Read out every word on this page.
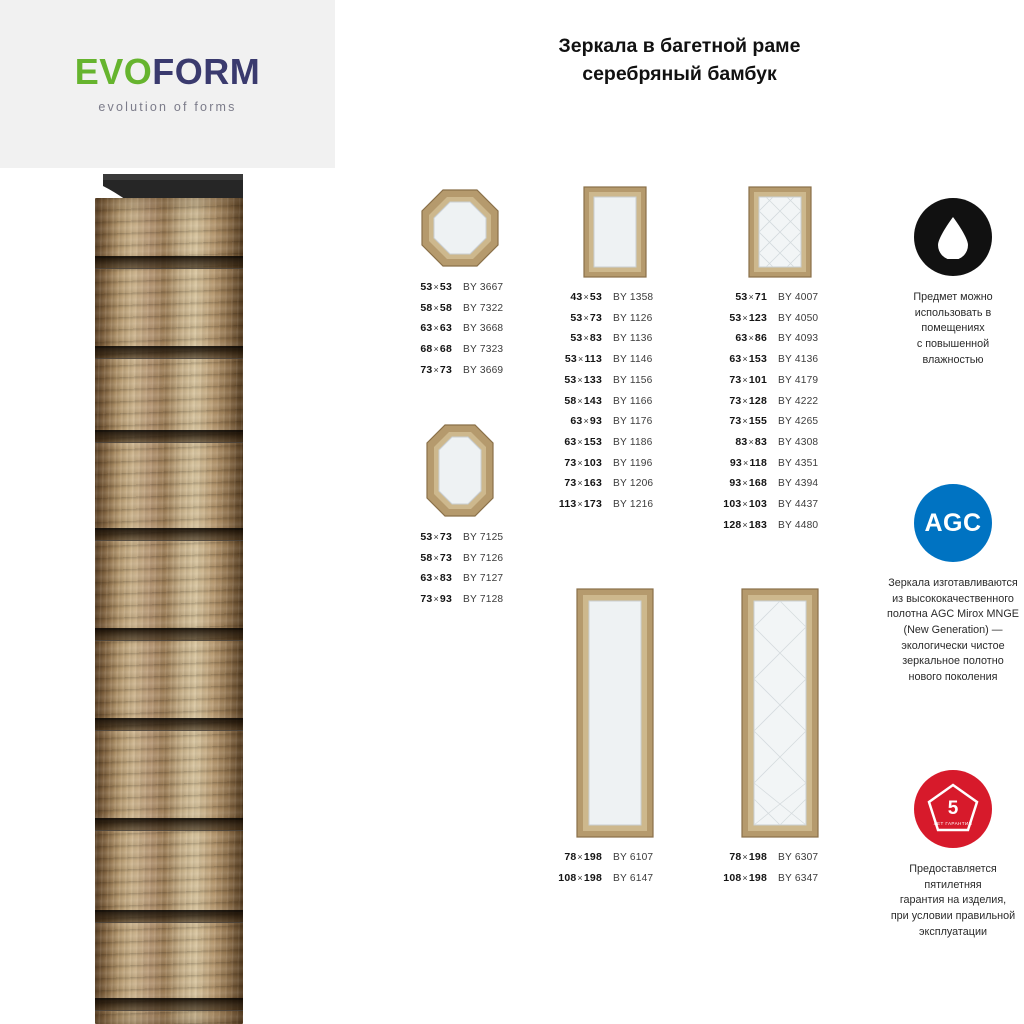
EVOFORM
evolution of forms
Зеркала в багетной раме
серебряный бамбук
53×53	BY 3667
58×58	BY 7322
63×63	BY 3668
68×68	BY 7323
73×73	BY 3669
53×73	BY 7125
58×73	BY 7126
63×83	BY 7127
73×93	BY 7128
43×53	BY 1358
53×73	BY 1126
53×83	BY 1136
53×113	BY 1146
53×133	BY 1156
58×143	BY 1166
63×93	BY 1176
63×153	BY 1186
73×103	BY 1196
73×163	BY 1206
113×173	BY 1216
53×71	BY 4007
53×123	BY 4050
63×86	BY 4093
63×153	BY 4136
73×101	BY 4179
73×128	BY 4222
73×155	BY 4265
83×83	BY 4308
93×118	BY 4351
93×168	BY 4394
103×103	BY 4437
128×183	BY 4480
78×198	BY 6107
108×198	BY 6147
78×198	BY 6307
108×198	BY 6347

Предмет можно
использовать в
помещениях
с повышенной
влажностью

AGC

Зеркала изготавливаются
из высококачественного
полотна AGC Mirox MNGE
(New Generation) —
экологически чистое
зеркальное полотно
нового поколения

5
ЛЕТ ГАРАНТИИ

Предоставляется
пятилетняя
гарантия на изделия,
при условии правильной
эксплуатации
